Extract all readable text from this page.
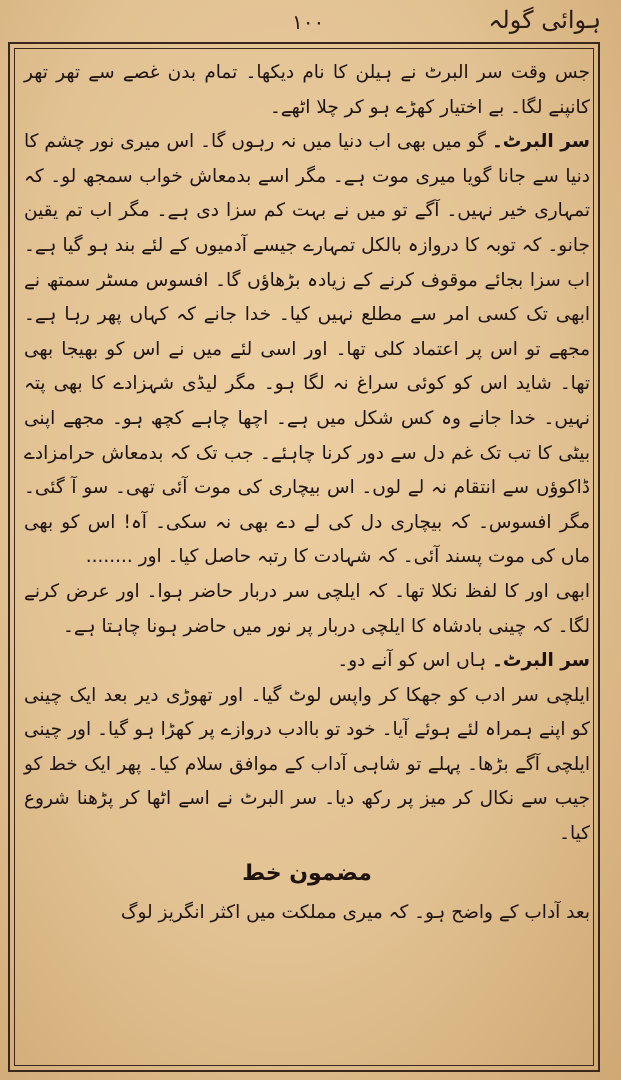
۱۰۰	ہوائی گولہ

جس وقت سر البرٹ نے ہیلن کا نام دیکھا۔ تمام بدن غصے سے تھر تھر کانپنے لگا۔ بے اختیار کھڑے ہو کر چلا اٹھے۔

سر البرٹ۔ گو میں بھی اب دنیا میں نہ رہوں گا۔ اس میری نور چشم کا دنیا سے جانا گویا میری موت ہے۔ مگر اسے بدمعاش خواب سمجھ لو۔ کہ تمہاری خیر نہیں۔ آگے تو میں نے بہت کم سزا دی ہے۔ مگر اب تم یقین جانو۔ کہ توبہ کا دروازہ بالکل تمہارے جیسے آدمیوں کے لئے بند ہو گیا ہے۔ اب سزا بجائے موقوف کرنے کے زیادہ بڑھاؤں گا۔ افسوس مسٹر سمتھ نے ابھی تک کسی امر سے مطلع نہیں کیا۔ خدا جانے کہ کہاں پھر رہا ہے۔ مجھے تو اس پر اعتماد کلی تھا۔ اور اسی لئے میں نے اس کو بھیجا بھی تھا۔ شاید اس کو کوئی سراغ نہ لگا ہو۔ مگر لیڈی شہزادے کا بھی پتہ نہیں۔ خدا جانے وہ کس شکل میں ہے۔ اچھا چاہے کچھ ہو۔ مجھے اپنی بیٹی کا تب تک غم دل سے دور کرنا چاہئے۔ جب تک کہ بدمعاش حرامزادے ڈاکوؤں سے انتقام نہ لے لوں۔ اس بیچاری کی موت آئی تھی۔ سو آ گئی۔ مگر افسوس۔ کہ بیچاری دل کی لے دے بھی نہ سکی۔ آہ! اس کو بھی ماں کی موت پسند آئی۔ کہ شہادت کا رتبہ حاصل کیا۔ اور ........

ابھی اور کا لفظ نکلا تھا۔ کہ ایلچی سر دربار حاضر ہوا۔ اور عرض کرنے لگا۔ کہ چینی بادشاہ کا ایلچی دربار پر نور میں حاضر ہونا چاہتا ہے۔

سر البرٹ۔ ہاں اس کو آنے دو۔

ایلچی سر ادب کو جھکا کر واپس لوٹ گیا۔ اور تھوڑی دیر بعد ایک چینی کو اپنے ہمراہ لئے ہوئے آیا۔ خود تو باادب دروازے پر کھڑا ہو گیا۔ اور چینی ایلچی آگے بڑھا۔ پہلے تو شاہی آداب کے موافق سلام کیا۔ پھر ایک خط کو جیب سے نکال کر میز پر رکھ دیا۔ سر البرٹ نے اسے اٹھا کر پڑھنا شروع کیا۔

مضمون خط

بعد آداب کے واضح ہو۔ کہ میری مملکت میں اکثر انگریز لوگ
